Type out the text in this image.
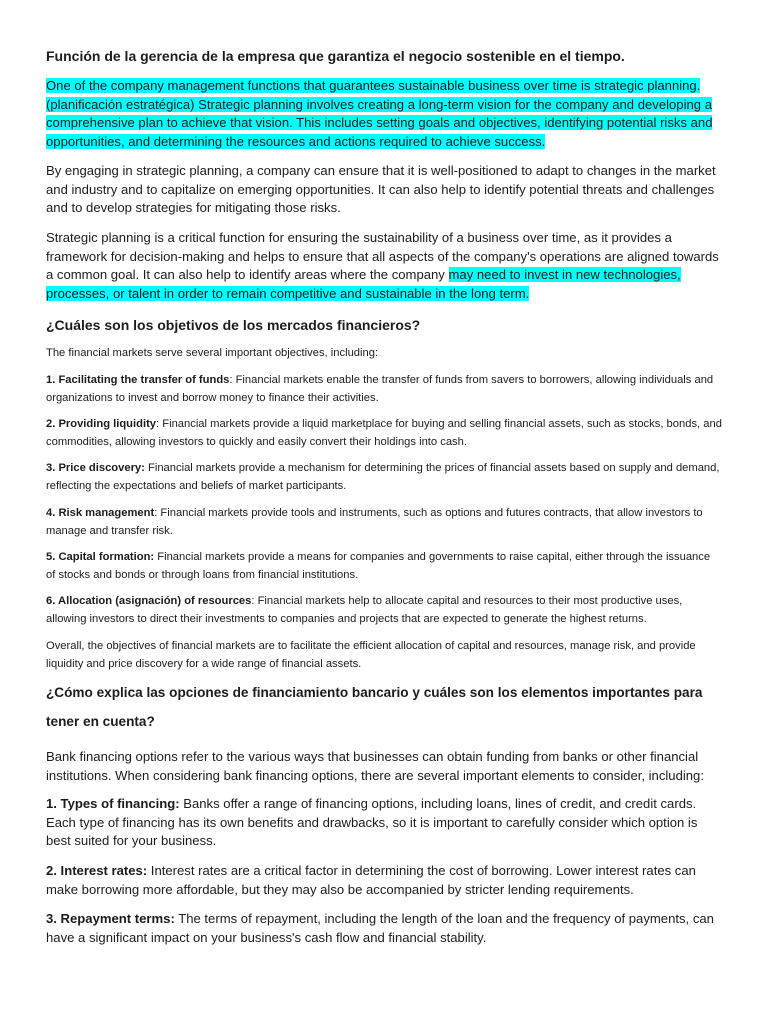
Función de la gerencia de la empresa que garantiza el negocio sostenible en el tiempo.

One of the company management functions that guarantees sustainable business over time is strategic planning. (planificación estratégica) Strategic planning involves creating a long-term vision for the company and developing a comprehensive plan to achieve that vision. This includes setting goals and objectives, identifying potential risks and opportunities, and determining the resources and actions required to achieve success.

By engaging in strategic planning, a company can ensure that it is well-positioned to adapt to changes in the market and industry and to capitalize on emerging opportunities. It can also help to identify potential threats and challenges and to develop strategies for mitigating those risks.

Strategic planning is a critical function for ensuring the sustainability of a business over time, as it provides a framework for decision-making and helps to ensure that all aspects of the company's operations are aligned towards a common goal. It can also help to identify areas where the company may need to invest in new technologies, processes, or talent in order to remain competitive and sustainable in the long term.

¿Cuáles son los objetivos de los mercados financieros?

The financial markets serve several important objectives, including:

1. Facilitating the transfer of funds: Financial markets enable the transfer of funds from savers to borrowers, allowing individuals and organizations to invest and borrow money to finance their activities.

2. Providing liquidity: Financial markets provide a liquid marketplace for buying and selling financial assets, such as stocks, bonds, and commodities, allowing investors to quickly and easily convert their holdings into cash.

3. Price discovery: Financial markets provide a mechanism for determining the prices of financial assets based on supply and demand, reflecting the expectations and beliefs of market participants.

4. Risk management: Financial markets provide tools and instruments, such as options and futures contracts, that allow investors to manage and transfer risk.

5. Capital formation: Financial markets provide a means for companies and governments to raise capital, either through the issuance of stocks and bonds or through loans from financial institutions.

6. Allocation (asignación) of resources: Financial markets help to allocate capital and resources to their most productive uses, allowing investors to direct their investments to companies and projects that are expected to generate the highest returns.

Overall, the objectives of financial markets are to facilitate the efficient allocation of capital and resources, manage risk, and provide liquidity and price discovery for a wide range of financial assets.

¿Cómo explica las opciones de financiamiento bancario y cuáles son los elementos importantes para tener en cuenta?

Bank financing options refer to the various ways that businesses can obtain funding from banks or other financial institutions. When considering bank financing options, there are several important elements to consider, including:

1. Types of financing: Banks offer a range of financing options, including loans, lines of credit, and credit cards. Each type of financing has its own benefits and drawbacks, so it is important to carefully consider which option is best suited for your business.

2. Interest rates: Interest rates are a critical factor in determining the cost of borrowing. Lower interest rates can make borrowing more affordable, but they may also be accompanied by stricter lending requirements.

3. Repayment terms: The terms of repayment, including the length of the loan and the frequency of payments, can have a significant impact on your business's cash flow and financial stability.
